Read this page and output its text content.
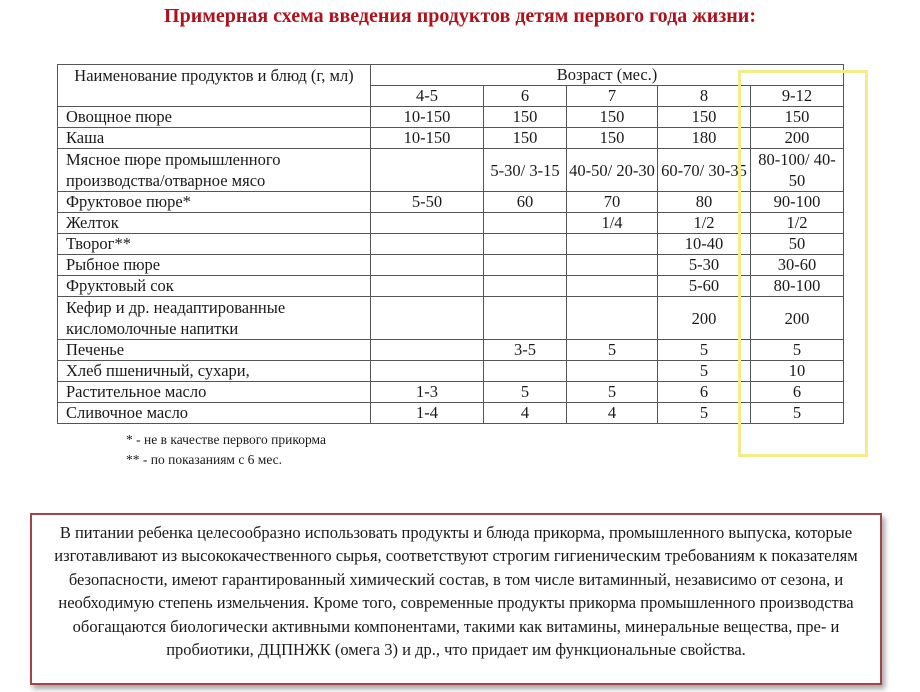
Примерная схема введения продуктов детям первого года жизни:
Наименование продуктов и блюд (г, мл)	Возраст (мес.)				
	4-5	6	7	8	9-12
Овощное пюре	10-150	150	150	150	150
Каша	10-150	150	150	180	200
Мясное пюре промышленного производства/отварное мясо		5-30/ 3-15	40-50/ 20-30	60-70/ 30-35	80-100/ 40-50
Фруктовое пюре*	5-50	60	70	80	90-100
Желток			1/4	1/2	1/2
Творог**				10-40	50
Рыбное пюре				5-30	30-60
Фруктовый сок				5-60	80-100
Кефир и др. неадаптированные кисломолочные напитки				200	200
Печенье		3-5	5	5	5
Хлеб пшеничный, сухари,				5	10
Растительное масло	1-3	5	5	6	6
Сливочное масло	1-4	4	4	5	5
* - не в качестве первого прикорма
** - по показаниям с 6 мес.
В питании ребенка целесообразно использовать продукты и блюда прикорма, промышленного выпуска, которые изготавливают из высококачественного сырья, соответствуют строгим гигиеническим требованиям к показателям безопасности, имеют гарантированный химический состав, в том числе витаминный, независимо от сезона, и необходимую степень измельчения. Кроме того, современные продукты прикорма промышленного производства обогащаются биологически активными компонентами, такими как витамины, минеральные вещества, пре- и пробиотики, ДЦПНЖК (омега 3) и др., что придает им функциональные свойства.
